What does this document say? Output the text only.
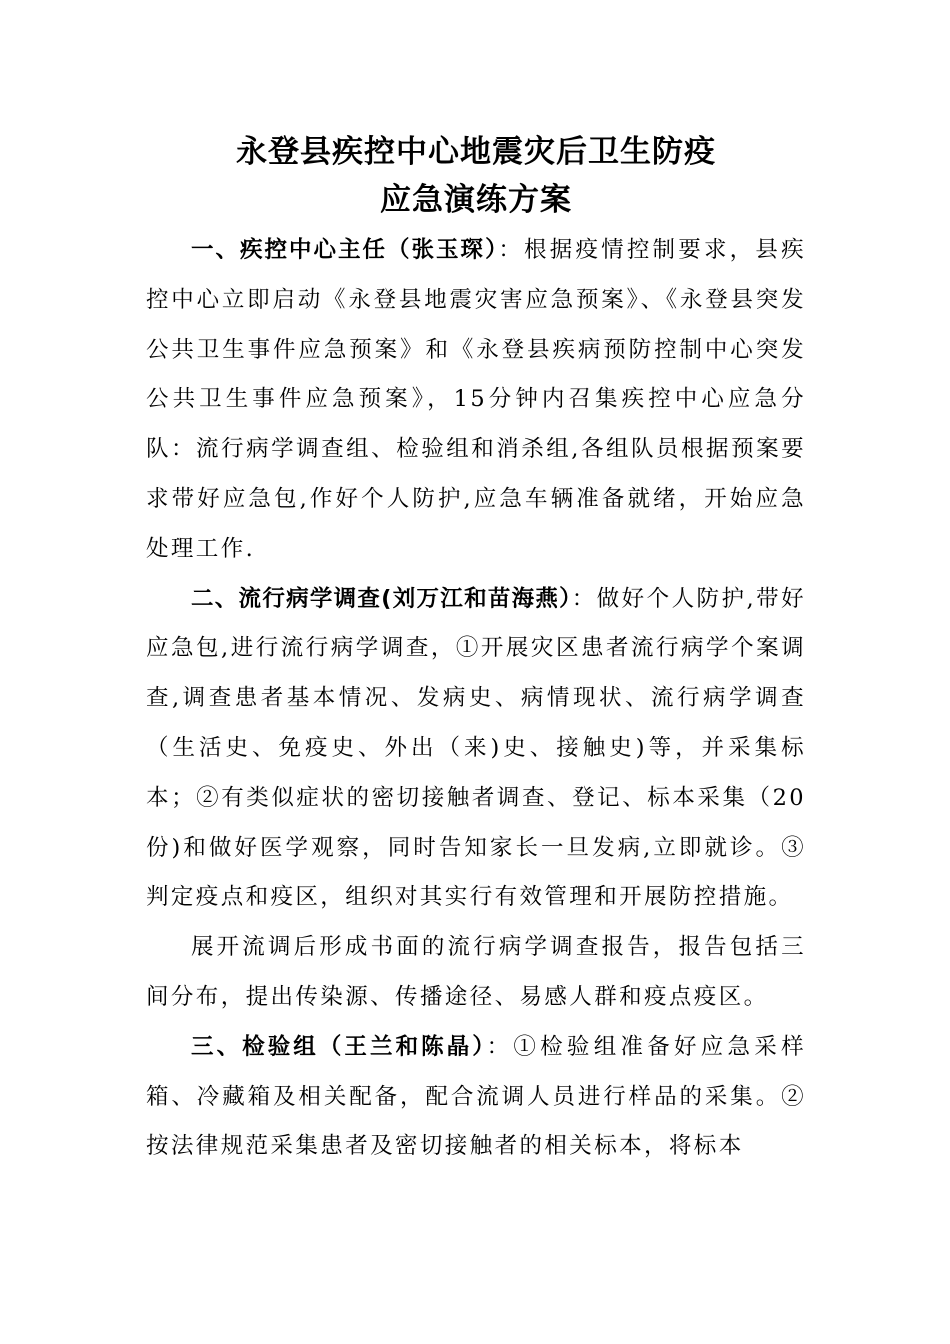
永登县疾控中心地震灾后卫生防疫
应急演练方案

一、疾控中心主任（张玉琛）：根据疫情控制要求，县疾控中心立即启动《永登县地震灾害应急预案》、《永登县突发公共卫生事件应急预案》和《永登县疾病预防控制中心突发公共卫生事件应急预案》，15分钟内召集疾控中心应急分队：流行病学调查组、检验组和消杀组,各组队员根据预案要求带好应急包,作好个人防护,应急车辆准备就绪，开始应急处理工作.

二、流行病学调查(刘万江和苗海燕）：做好个人防护,带好应急包,进行流行病学调查，①开展灾区患者流行病学个案调查,调查患者基本情况、发病史、病情现状、流行病学调查（生活史、免疫史、外出（来)史、接触史)等，并采集标本；②有类似症状的密切接触者调查、登记、标本采集（20份)和做好医学观察，同时告知家长一旦发病,立即就诊。③判定疫点和疫区，组织对其实行有效管理和开展防控措施。

展开流调后形成书面的流行病学调查报告，报告包括三间分布，提出传染源、传播途径、易感人群和疫点疫区。

三、检验组（王兰和陈晶）：①检验组准备好应急采样箱、冷藏箱及相关配备，配合流调人员进行样品的采集。②按法律规范采集患者及密切接触者的相关标本，将标本
